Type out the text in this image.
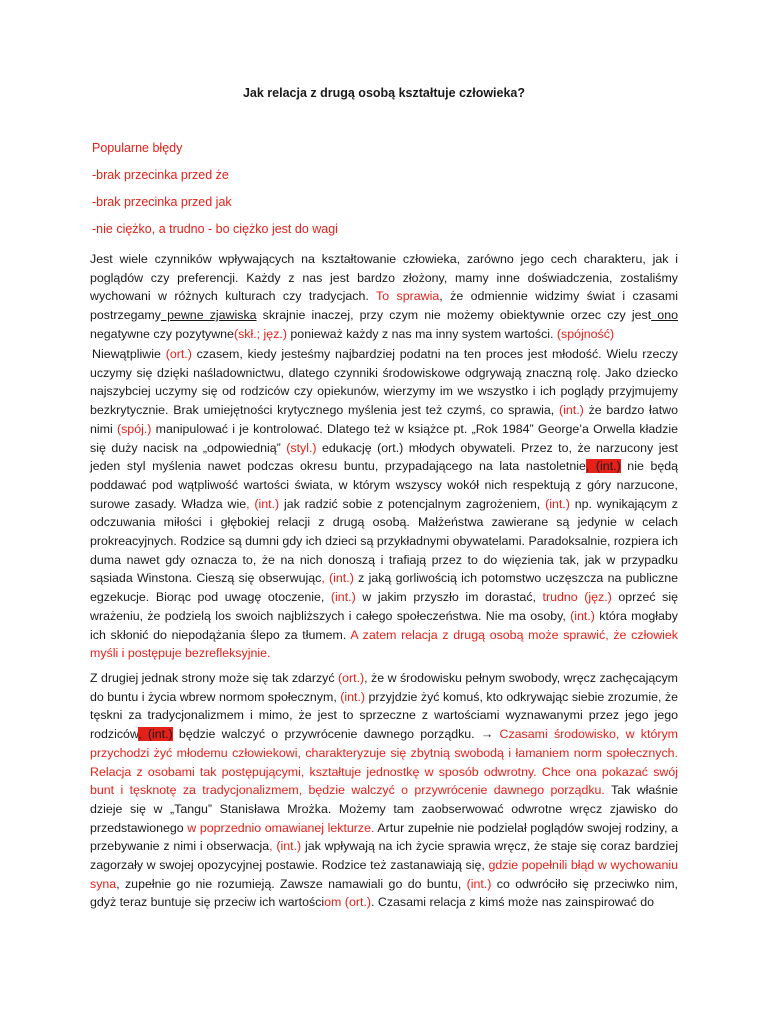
Jak relacja z drugą osobą kształtuje człowieka?
Popularne błędy
-brak przecinka przed że
-brak przecinka przed jak
-nie ciężko, a trudno - bo ciężko jest do wagi
Jest wiele czynników wpływających na kształtowanie człowieka, zarówno jego cech charakteru, jak i poglądów czy preferencji. Każdy z nas jest bardzo złożony, mamy inne doświadczenia, zostaliśmy wychowani w różnych kulturach czy tradycjach. To sprawia, że odmiennie widzimy świat i czasami postrzegamy pewne zjawiska skrajnie inaczej, przy czym nie możemy obiektywnie orzec czy jest ono negatywne czy pozytywne(skł.; jęz.) ponieważ każdy z nas ma inny system wartości. (spójność)
Niewątpliwie (ort.) czasem, kiedy jesteśmy najbardziej podatni na ten proces jest młodość. Wielu rzeczy uczymy się dzięki naśladownictwu, dlatego czynniki środowiskowe odgrywają znaczną rolę. Jako dziecko najszybciej uczymy się od rodziców czy opiekunów, wierzymy im we wszystko i ich poglądy przyjmujemy bezkrytycznie. Brak umiejętności krytycznego myślenia jest też czymś, co sprawia, (int.) że bardzo łatwo nimi (spój.) manipulować i je kontrolować. Dlatego też w książce pt. „Rok 1984” George’a Orwella kładzie się duży nacisk na „odpowiednią” (styl.) edukację (ort.) młodych obywateli. Przez to, że narzucony jest jeden styl myślenia nawet podczas okresu buntu, przypadającego na lata nastoletnie, (int.) nie będą poddawać pod wątpliwość wartości świata, w którym wszyscy wokół nich respektują z góry narzucone, surowe zasady. Władza wie, (int.) jak radzić sobie z potencjalnym zagrożeniem, (int.) np. wynikającym z odczuwania miłości i głębokiej relacji z drugą osobą. Małżeństwa zawierane są jedynie w celach prokreacyjnych. Rodzice są dumni gdy ich dzieci są przykładnymi obywatelami. Paradoksalnie, rozpiera ich duma nawet gdy oznacza to, że na nich donoszą i trafiają przez to do więzienia tak, jak w przypadku sąsiada Winstona. Cieszą się obserwując, (int.) z jaką gorliwością ich potomstwo uczęszcza na publiczne egzekucje. Biorąc pod uwagę otoczenie, (int.) w jakim przyszło im dorastać, trudno (jęz.) oprzeć się wrażeniu, że podzielą los swoich najbliższych i całego społeczeństwa. Nie ma osoby, (int.) która mogłaby ich skłonić do niepodążania ślepo za tłumem. A zatem relacja z drugą osobą może sprawić, że człowiek myśli i postępuje bezrefleksyjnie.
Z drugiej jednak strony może się tak zdarzyć (ort.), że w środowisku pełnym swobody, wręcz zachęcającym do buntu i życia wbrew normom społecznym, (int.) przyjdzie żyć komuś, kto odkrywając siebie zrozumie, że tęskni za tradycjonalizmem i mimo, że jest to sprzeczne z wartościami wyznawanymi przez jego jego rodziców, (int.) będzie walczyć o przywrócenie dawnego porządku. → Czasami środowisko, w którym przychodzi żyć młodemu człowiekowi, charakteryzuje się zbytnią swobodą i łamaniem norm społecznych. Relacja z osobami tak postępującymi, kształtuje jednostkę w sposób odwrotny. Chce ona pokazać swój bunt i tęsknotę za tradycjonalizmem, będzie walczyć o przywrócenie dawnego porządku. Tak właśnie dzieje się w „Tangu” Stanisława Mrożka. Możemy tam zaobserwować odwrotne wręcz zjawisko do przedstawionego w poprzednio omawianej lekturze. Artur zupełnie nie podzielał poglądów swojej rodziny, a przebywanie z nimi i obserwacja, (int.) jak wpływają na ich życie sprawia wręcz, że staje się coraz bardziej zagorzały w swojej opozycyjnej postawie. Rodzice też zastanawiają się, gdzie popełnili błąd w wychowaniu syna, zupełnie go nie rozumieją. Zawsze namawiali go do buntu, (int.) co odwróciło się przeciwko nim, gdyż teraz buntuje się przeciw ich wartościom (ort.). Czasami relacja z kimś może nas zainspirować do
